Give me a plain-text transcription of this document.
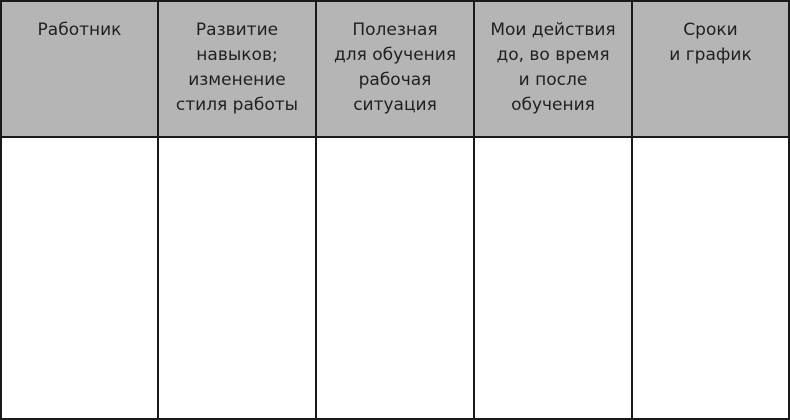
Работник	Развитие
навыков;
изменение
стиля работы
Полезная
для обучения
рабочая
ситуация
Мои действия
до, во время
и после
обучения
Сроки
и график
